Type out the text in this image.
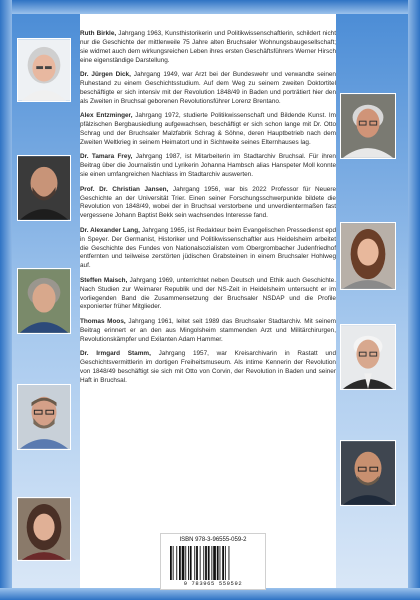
Ruth Birkle, Jahrgang 1963, Kunsthistorikerin und Politikwissenschaftlerin, schildert nicht nur die Geschichte der mittlerweile 75 Jahre alten Bruchsaler Wohnungsbaugesellschaft; sie widmet auch dem wirkungsreichen Leben ihres ersten Geschäftsführers Werner Hirsch eine eigenständige Darstellung.

Dr. Jürgen Dick, Jahrgang 1949, war Arzt bei der Bundeswehr und verwandte seinen Ruhestand zu einem Geschichtsstudium. Auf dem Weg zu seinem zweiten Doktortitel beschäftigte er sich intensiv mit der Revolution 1848/49 in Baden und porträtiert hier den als Zweiten in Bruchsal geborenen Revolutionsführer Lorenz Brentano.

Alex Entzminger, Jahrgang 1972, studierte Politikwissenschaft und Bildende Kunst. Im pfälzischen Bergbausiedlung aufgewachsen, beschäftigt er sich schon lange mit Dr. Otto Schrag und der Bruchsaler Malzfabrik Schrag & Söhne, deren Hauptbetrieb nach dem Zweiten Weltkrieg in seinem Heimatort und in Sichtweite seines Elternhauses lag.

Dr. Tamara Frey, Jahrgang 1987, ist Mitarbeiterin im Stadtarchiv Bruchsal. Für ihren Beitrag über die Journalistin und Lyrikerin Johanna Hambsch alias Hanspeter Moll konnte sie einen umfangreichen Nachlass im Stadtarchiv auswerten.

Prof. Dr. Christian Jansen, Jahrgang 1956, war bis 2022 Professor für Neuere Geschichte an der Universität Trier. Einen seiner Forschungsschwerpunkte bildete die Revolution von 1848/49, wobei der in Bruchsal verstorbene und unverdientermaßen fast vergessene Johann Baptist Bekk sein wachsendes Interesse fand.

Dr. Alexander Lang, Jahrgang 1965, ist Redakteur beim Evangelischen Pressedienst epd in Speyer. Der Germanist, Historiker und Politikwissenschaftler aus Heidelsheim arbeitet die Geschichte des Fundes von Nationalsozialisten vom Obergrombacher Judenfriedhof entfernten und teilweise zerstörten jüdischen Grabsteinen in einem Bruchsaler Hohlweg auf.

Steffen Maisch, Jahrgang 1969, unterrichtet neben Deutsch und Ethik auch Geschichte. Nach Studien zur Weimarer Republik und der NS-Zeit in Heidelsheim untersucht er im vorliegenden Band die Zusammensetzung der Bruchsaler NSDAP und die Profile exponierter früher Mitglieder.

Thomas Moos, Jahrgang 1961, leitet seit 1989 das Bruchsaler Stadtarchiv. Mit seinem Beitrag erinnert er an den aus Mingolsheim stammenden Arzt und Militärchirurgen, Revolutionskämpfer und Exilanten Adam Hammer.

Dr. Irmgard Stamm, Jahrgang 1957, war Kreisarchivarin in Rastatt und Geschichtsvermittlerin im dortigen Freiheitsmuseum. Als intime Kennerin der Revolution von 1848/49 beschäftigt sie sich mit Otto von Corvin, der Revolution in Baden und seiner Haft in Bruchsal.

ISBN 978-3-96555-059-2
9 783965 550592
